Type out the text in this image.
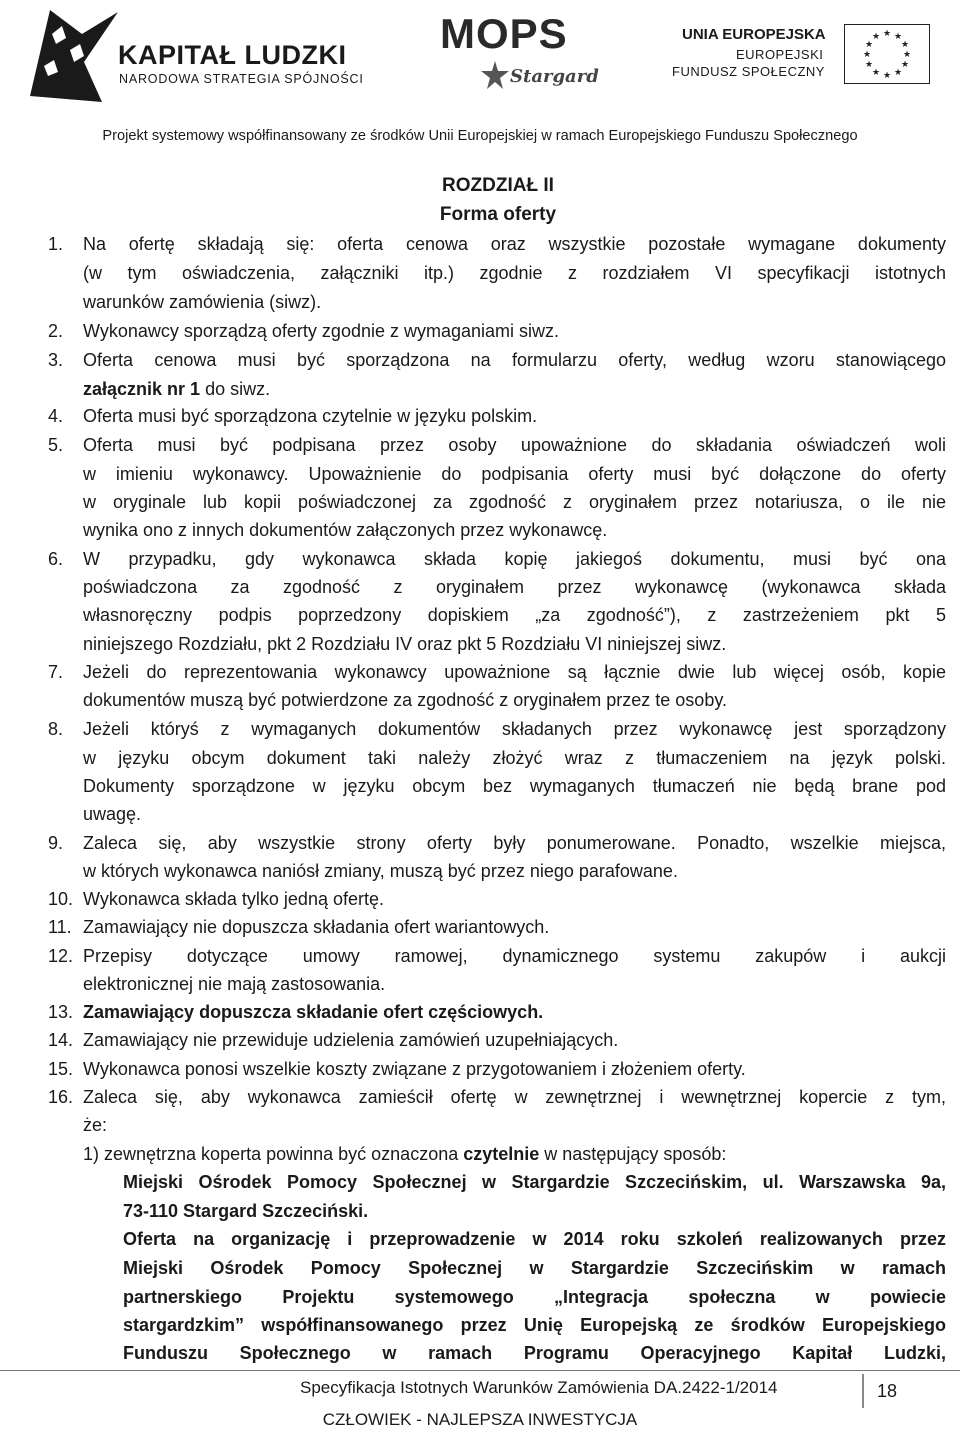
KAPITAŁ LUDZKI
NARODOWA STRATEGIA SPÓJNOŚCI
MOPS
Stargard
UNIA EUROPEJSKA
EUROPEJSKI
FUNDUSZ SPOŁECZNY
★ ★
★
★
★
★
★
★
★
★
★
★
Projekt systemowy współfinansowany ze środków Unii Europejskiej w ramach Europejskiego Funduszu Społecznego
ROZDZIAŁ II
Forma oferty
1. Na ofertę składają się: oferta cenowa oraz wszystkie pozostałe wymagane dokumenty
(w tym oświadczenia, załączniki itp.) zgodnie z rozdziałem VI specyfikacji istotnych
warunków zamówienia (siwz).
2. Wykonawcy sporządzą oferty zgodnie z wymaganiami siwz.
3. Oferta cenowa musi być sporządzona na formularzu oferty, według wzoru stanowiącego
załącznik nr 1 do siwz.
4. Oferta musi być sporządzona czytelnie w języku polskim.
5. Oferta musi być podpisana przez osoby upoważnione do składania oświadczeń woli
w imieniu wykonawcy. Upoważnienie do podpisania oferty musi być dołączone do oferty
w oryginale lub kopii poświadczonej za zgodność z oryginałem przez notariusza, o ile nie
wynika ono z innych dokumentów załączonych przez wykonawcę.
6. W przypadku, gdy wykonawca składa kopię jakiegoś dokumentu, musi być ona
poświadczona za zgodność z oryginałem przez wykonawcę (wykonawca składa
własnoręczny podpis poprzedzony dopiskiem „za zgodność”), z zastrzeżeniem pkt 5
niniejszego Rozdziału, pkt 2 Rozdziału IV oraz pkt 5 Rozdziału VI niniejszej siwz.
7. Jeżeli do reprezentowania wykonawcy upoważnione są łącznie dwie lub więcej osób, kopie
dokumentów muszą być potwierdzone za zgodność z oryginałem przez te osoby.
8. Jeżeli któryś z wymaganych dokumentów składanych przez wykonawcę jest sporządzony
w języku obcym dokument taki należy złożyć wraz z tłumaczeniem na język polski.
Dokumenty sporządzone w języku obcym bez wymaganych tłumaczeń nie będą brane pod
uwagę.
9. Zaleca się, aby wszystkie strony oferty były ponumerowane. Ponadto, wszelkie miejsca,
w których wykonawca naniósł zmiany, muszą być przez niego parafowane.
10. Wykonawca składa tylko jedną ofertę.
11. Zamawiający nie dopuszcza składania ofert wariantowych.
12. Przepisy dotyczące umowy ramowej, dynamicznego systemu zakupów i aukcji
elektronicznej nie mają zastosowania.
13. Zamawiający dopuszcza składanie ofert częściowych.
14. Zamawiający nie przewiduje udzielenia zamówień uzupełniających.
15. Wykonawca ponosi wszelkie koszty związane z przygotowaniem i złożeniem oferty.
16. Zaleca się, aby wykonawca zamieścił ofertę w zewnętrznej i wewnętrznej kopercie z tym,
że:
1) zewnętrzna koperta powinna być oznaczona czytelnie w następujący sposób:
Miejski Ośrodek Pomocy Społecznej w Stargardzie Szczecińskim, ul. Warszawska 9a,
73-110 Stargard Szczeciński.
Oferta na organizację i przeprowadzenie w 2014 roku szkoleń realizowanych przez
Miejski Ośrodek Pomocy Społecznej w Stargardzie Szczecińskim w ramach
partnerskiego Projektu systemowego „Integracja społeczna w powiecie
stargardzkim” współfinansowanego przez Unię Europejską ze środków Europejskiego
Funduszu Społecznego w ramach Programu Operacyjnego Kapitał Ludzki,
Specyfikacja Istotnych Warunków Zamówienia DA.2422-1/2014	18
CZŁOWIEK - NAJLEPSZA INWESTYCJA
